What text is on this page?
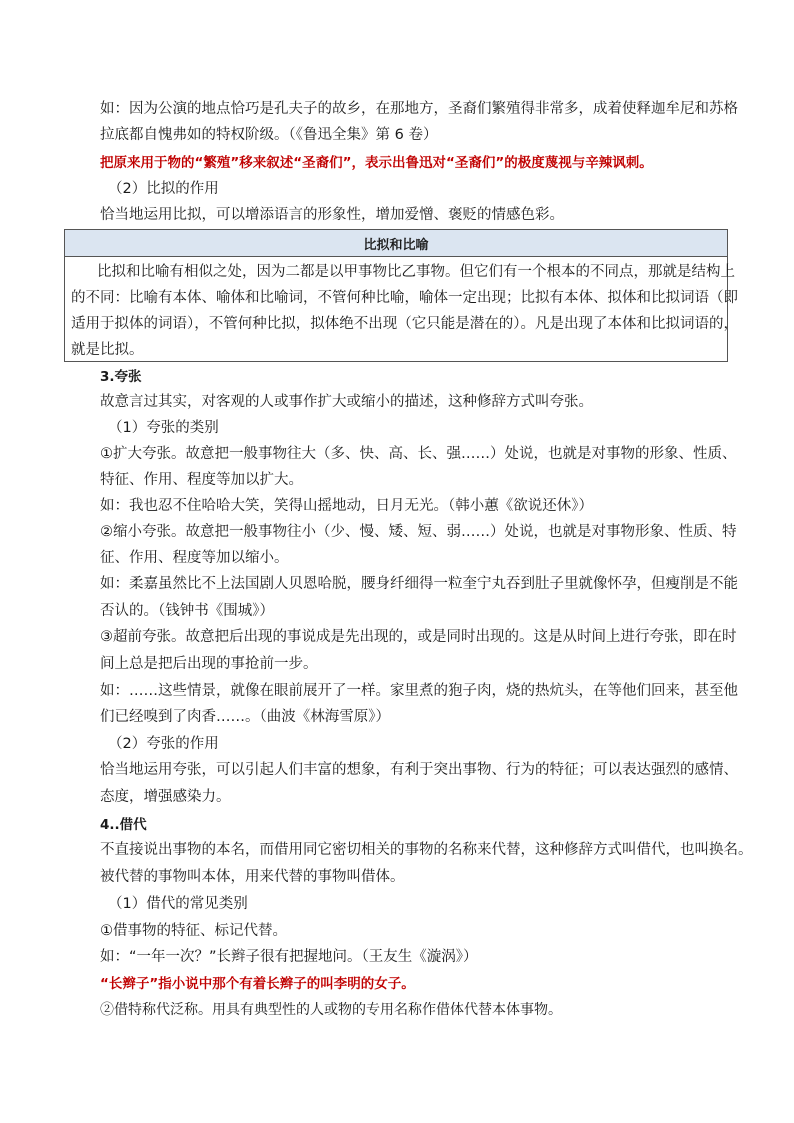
如：因为公演的地点恰巧是孔夫子的故乡，在那地方，圣裔们繁殖得非常多，成着使释迦牟尼和苏格
拉底都自愧弗如的特权阶级。（《鲁迅全集》第 6 卷）
把原来用于物的“繁殖”移来叙述“圣裔们”，表示出鲁迅对“圣裔们”的极度蔑视与辛辣讽刺。
（2）比拟的作用
恰当地运用比拟，可以增添语言的形象性，增加爱憎、褒贬的情感色彩。
比拟和比喻
比拟和比喻有相似之处，因为二都是以甲事物比乙事物。但它们有一个根本的不同点，那就是结构上
的不同：比喻有本体、喻体和比喻词，不管何种比喻，喻体一定出现；比拟有本体、拟体和比拟词语（即
适用于拟体的词语），不管何种比拟，拟体绝不出现（它只能是潜在的）。凡是出现了本体和比拟词语的，
就是比拟。
3.夸张
故意言过其实，对客观的人或事作扩大或缩小的描述，这种修辞方式叫夸张。
（1）夸张的类别
①扩大夸张。故意把一般事物往大（多、快、高、长、强……）处说，也就是对事物的形象、性质、
特征、作用、程度等加以扩大。
如：我也忍不住哈哈大笑，笑得山摇地动，日月无光。（韩小蕙《欲说还休》）
②缩小夸张。故意把一般事物往小（少、慢、矮、短、弱……）处说，也就是对事物形象、性质、特
征、作用、程度等加以缩小。
如：柔嘉虽然比不上法国剧人贝恩哈脱，腰身纤细得一粒奎宁丸吞到肚子里就像怀孕，但瘦削是不能
否认的。（钱钟书《围城》）
③超前夸张。故意把后出现的事说成是先出现的，或是同时出现的。这是从时间上进行夸张，即在时
间上总是把后出现的事抢前一步。
如：……这些情景，就像在眼前展开了一样。家里煮的狍子肉，烧的热炕头，在等他们回来，甚至他
们已经嗅到了肉香……。（曲波《林海雪原》）
（2）夸张的作用
恰当地运用夸张，可以引起人们丰富的想象，有利于突出事物、行为的特征；可以表达强烈的感情、
态度，增强感染力。
4..借代
不直接说出事物的本名，而借用同它密切相关的事物的名称来代替，这种修辞方式叫借代，也叫换名。
被代替的事物叫本体，用来代替的事物叫借体。
（1）借代的常见类别
①借事物的特征、标记代替。
如：“一年一次？”长辫子很有把握地问。（王友生《漩涡》）
“长辫子”指小说中那个有着长辫子的叫李明的女子。
②借特称代泛称。用具有典型性的人或物的专用名称作借体代替本体事物。
